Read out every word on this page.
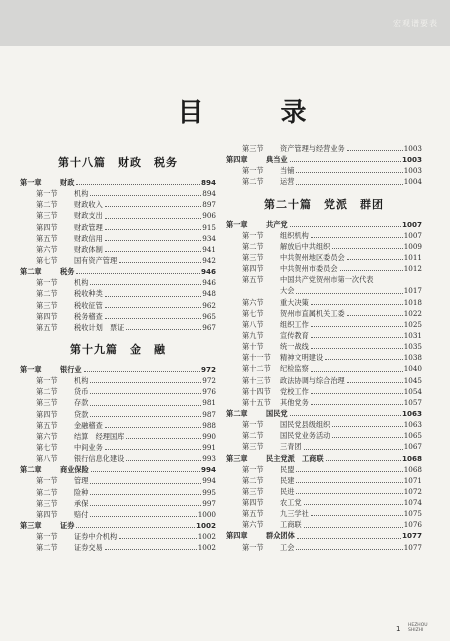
宏观谱要表
目 录
第十八篇　财政　税务
第一章	财政	894
第一节	机构	894
第二节	财政收入	897
第三节	财政支出	906
第四节	财政管理	915
第五节	财政信用	934
第六节	财政体制	941
第七节	国有资产管理	942
第二章	税务	946
第一节	机构	946
第二节	税收种类	948
第三节	税收征管	962
第四节	税务稽查	965
第五节	税收计划　票证	967
第十九篇　金　融
第一章	银行业	972
第一节	机构	972
第二节	货币	976
第三节	存款	981
第四节	贷款	987
第五节	金融稽查	988
第六节	结算　经理国库	990
第七节	中间业务	991
第八节	银行信息化建设	993
第二章	商业保险	994
第一节	管理	994
第二节	险种	995
第三节	承保	997
第四节	赔付	1000
第三章	证券	1002
第一节	证券中介机构	1002
第二节	证券交易	1002
第三节	资产管理与经营业务	1003
第四章	典当业	1003
第一节	当铺	1003
第二节	运营	1004
第二十篇　党派　群团
第一章	共产党	1007
第一节	组织机构	1007
第二节	解放后中共组织	1009
第三节	中共贺州地区委员会	1011
第四节	中共贺州市委员会	1012
第五节	中国共产党贺州市第一次代表
大会	1017
第六节	重大决策	1018
第七节	贺州市直属机关工委	1022
第八节	组织工作	1025
第九节	宣传教育	1031
第十节	统一战线	1035
第十一节	精神文明建设	1038
第十二节	纪检监察	1040
第十三节	政法协调与综合治理	1045
第十四节	党校工作	1054
第十五节	其他党务	1057
第二章	国民党	1063
第一节	国民党县级组织	1063
第二节	国民党业务活动	1065
第三节	三青团	1067
第三章	民主党派　工商联	1068
第一节	民盟	1068
第二节	民建	1071
第三节	民进	1072
第四节	农工党	1074
第五节	九三学社	1075
第六节	工商联	1076
第四章	群众团体	1077
第一节	工会	1077
1 HEZHOU
SHIZHI
